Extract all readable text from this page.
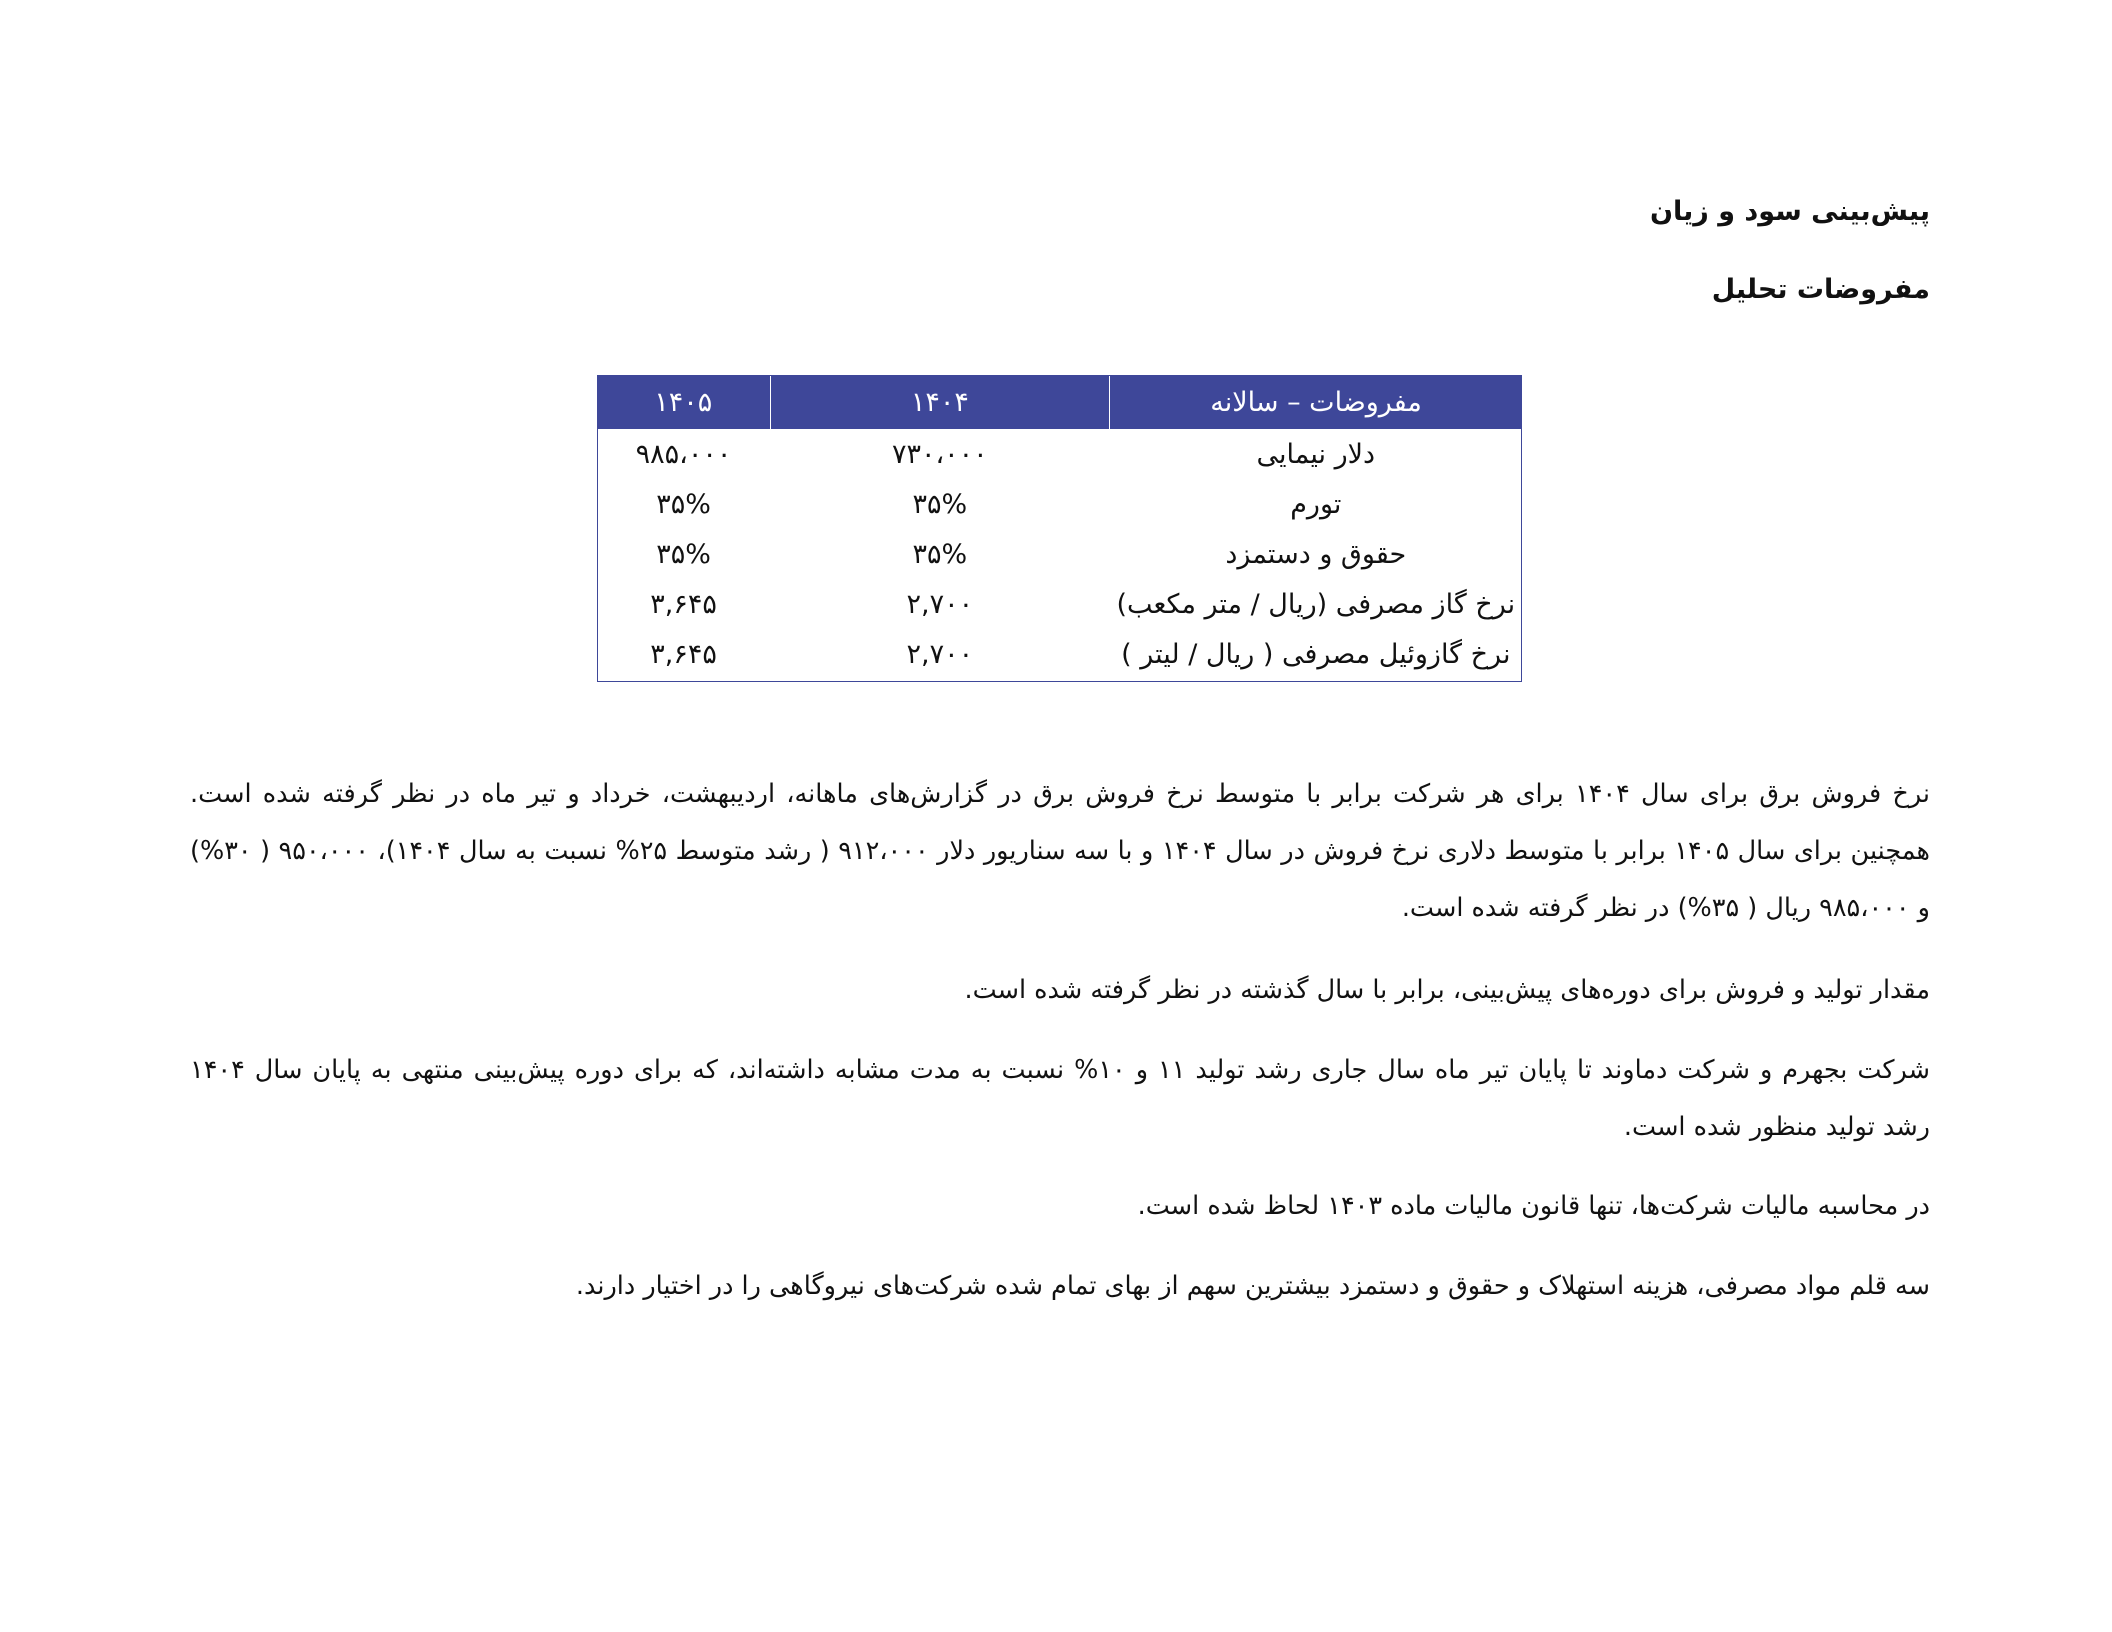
پیش‌بینی سود و زیان
مفروضات تحلیل
مفروضات – سالانه	۱۴۰۴	۱۴۰۵
دلار نیمایی	۷۳۰،۰۰۰	۹۸۵،۰۰۰
تورم	۳۵%	۳۵%
حقوق و دستمزد	۳۵%	۳۵%
نرخ گاز مصرفی (ریال / متر مکعب)	۲,۷۰۰	۳,۶۴۵
نرخ گازوئیل مصرفی ( ریال / لیتر )	۲,۷۰۰	۳,۶۴۵

نرخ فروش برق برای سال ۱۴۰۴ برای هر شرکت برابر با متوسط نرخ فروش برق در گزارش‌های ماهانه، اردیبهشت، خرداد و تیر ماه در نظر گرفته شده است. همچنین برای سال ۱۴۰۵ برابر با متوسط دلاری نرخ فروش در سال ۱۴۰۴ و با سه سناریور دلار ۹۱۲،۰۰۰ ( رشد متوسط ۲۵% نسبت به سال ۱۴۰۴)، ۹۵۰،۰۰۰ ( ۳۰%) و ۹۸۵،۰۰۰ ریال ( ۳۵%) در نظر گرفته شده است.

مقدار تولید و فروش برای دوره‌های پیش‌بینی، برابر با سال گذشته در نظر گرفته شده است.

شرکت بجهرم و شرکت دماوند تا پایان تیر ماه سال جاری رشد تولید ۱۱ و ۱۰% نسبت به مدت مشابه داشته‌اند، که برای دوره پیش‌بینی منتهی به پایان سال ۱۴۰۴ رشد تولید منظور شده است.

در محاسبه مالیات شرکت‌ها، تنها قانون مالیات ماده ۱۴۰۳ لحاظ شده است.

سه قلم مواد مصرفی، هزینه استهلاک و حقوق و دستمزد بیشترین سهم از بهای تمام شده شرکت‌های نیروگاهی را در اختیار دارند.
